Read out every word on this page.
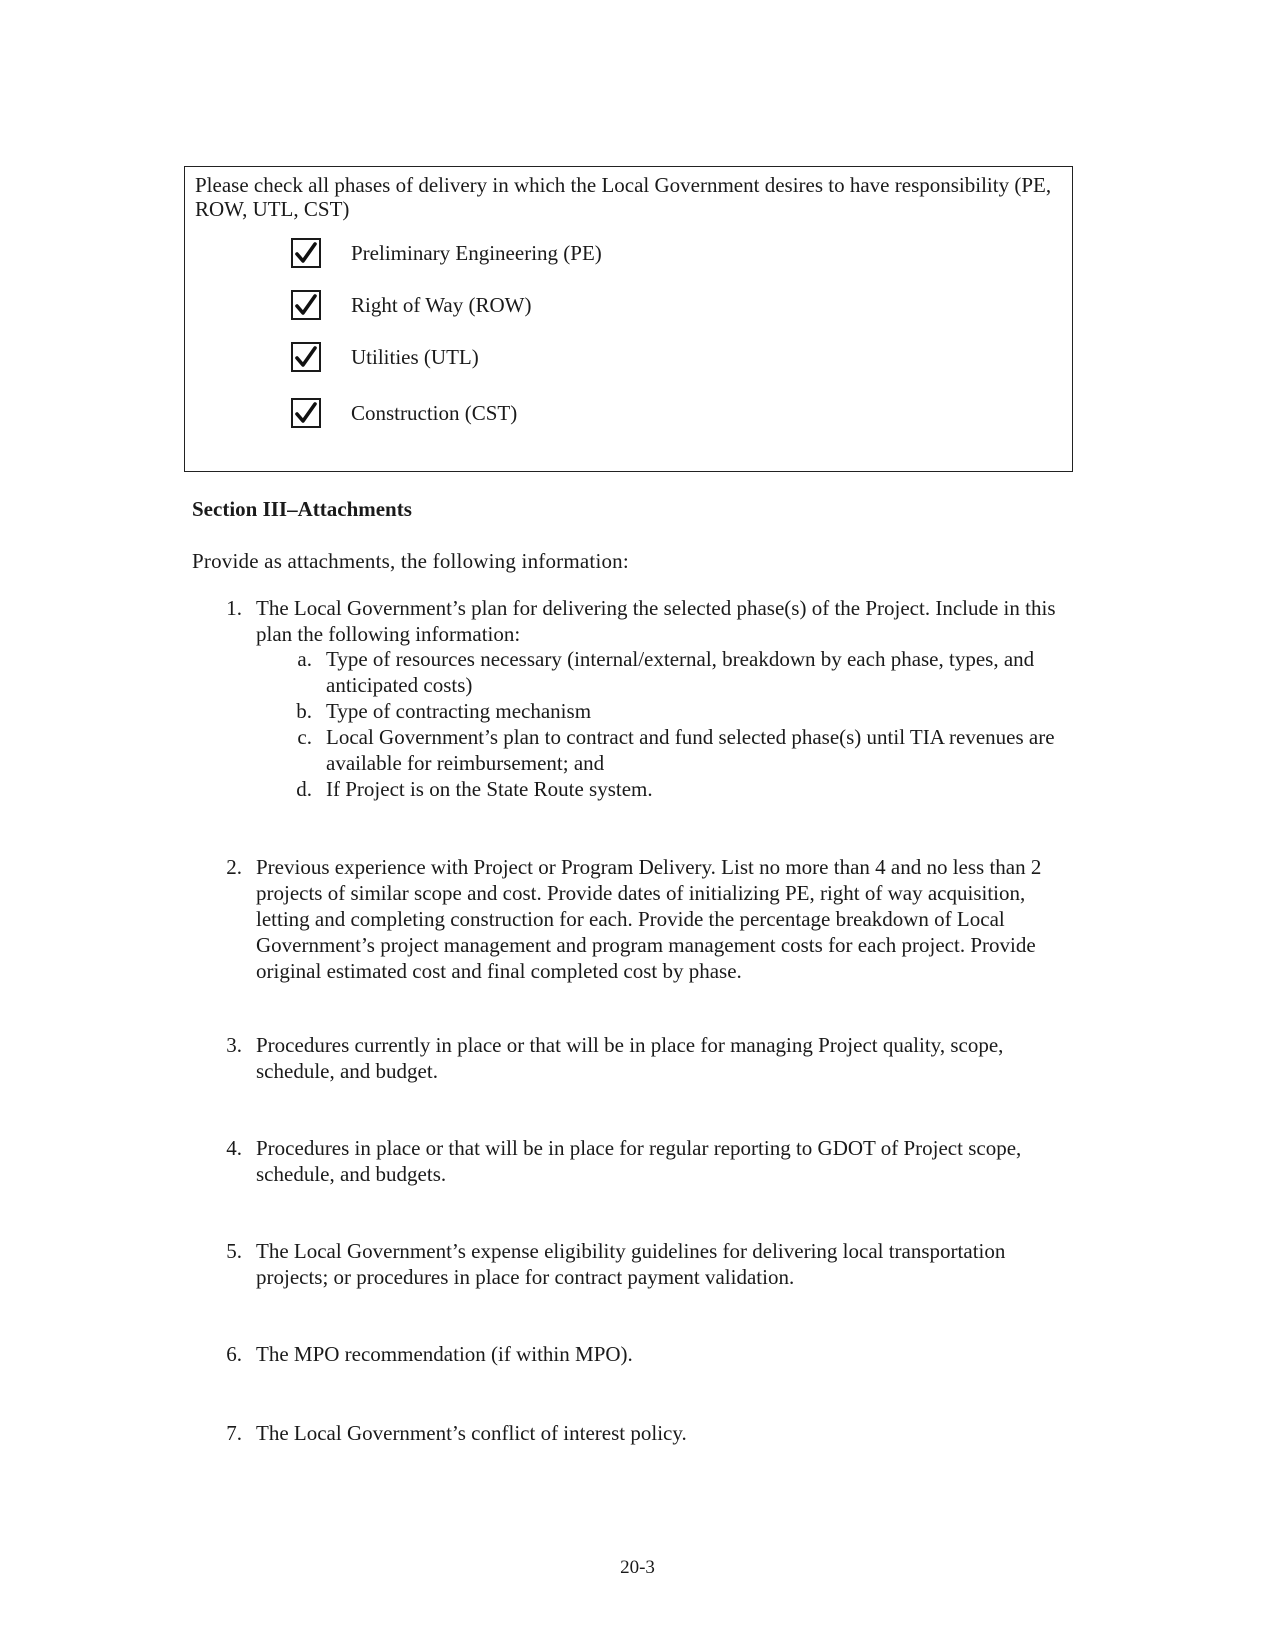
Please check all phases of delivery in which the Local Government desires to have responsibility (PE, ROW, UTL, CST)

Preliminary Engineering (PE)
Right of Way (ROW)
Utilities (UTL)
Construction (CST)
Section III–Attachments

Provide as attachments, the following information:

1. The Local Government’s plan for delivering the selected phase(s) of the Project. Include in this plan the following information:
a. Type of resources necessary (internal/external, breakdown by each phase, types, and anticipated costs)
b. Type of contracting mechanism
c. Local Government’s plan to contract and fund selected phase(s) until TIA revenues are available for reimbursement; and
d. If Project is on the State Route system.
2. Previous experience with Project or Program Delivery. List no more than 4 and no less than 2 projects of similar scope and cost. Provide dates of initializing PE, right of way acquisition, letting and completing construction for each. Provide the percentage breakdown of Local Government’s project management and program management costs for each project. Provide original estimated cost and final completed cost by phase.
3. Procedures currently in place or that will be in place for managing Project quality, scope, schedule, and budget.
4. Procedures in place or that will be in place for regular reporting to GDOT of Project scope, schedule, and budgets.
5. The Local Government’s expense eligibility guidelines for delivering local transportation projects; or procedures in place for contract payment validation.
6. The MPO recommendation (if within MPO).
7. The Local Government’s conflict of interest policy.
20-3
